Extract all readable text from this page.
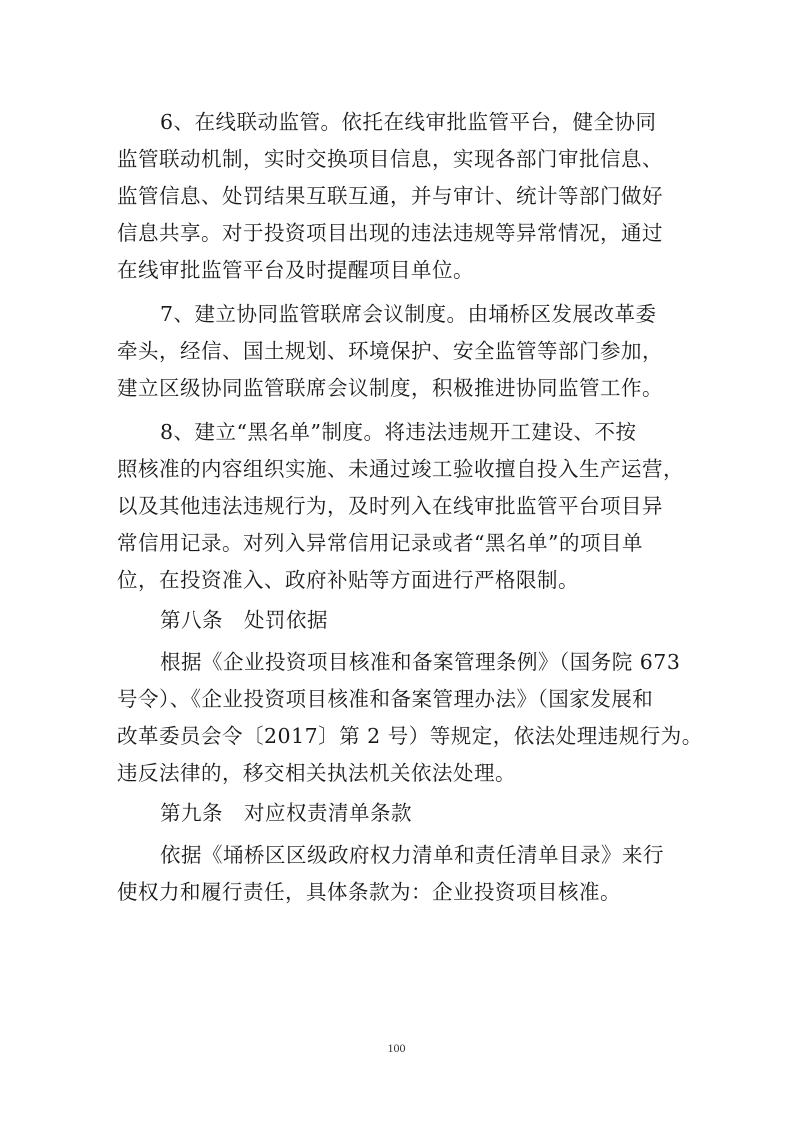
6、在线联动监管。依托在线审批监管平台，健全协同
监管联动机制，实时交换项目信息，实现各部门审批信息、
监管信息、处罚结果互联互通，并与审计、统计等部门做好
信息共享。对于投资项目出现的违法违规等异常情况，通过
在线审批监管平台及时提醒项目单位。
7、建立协同监管联席会议制度。由埇桥区发展改革委
牵头，经信、国土规划、环境保护、安全监管等部门参加，
建立区级协同监管联席会议制度，积极推进协同监管工作。
8、建立“黑名单”制度。将违法违规开工建设、不按
照核准的内容组织实施、未通过竣工验收擅自投入生产运营，
以及其他违法违规行为，及时列入在线审批监管平台项目异
常信用记录。对列入异常信用记录或者“黑名单”的项目单
位，在投资准入、政府补贴等方面进行严格限制。
第八条　处罚依据
根据《企业投资项目核准和备案管理条例》（国务院 673
号令）、《企业投资项目核准和备案管理办法》（国家发展和
改革委员会令〔2017〕第 2 号）等规定，依法处理违规行为。
违反法律的，移交相关执法机关依法处理。
第九条　对应权责清单条款
依据《埇桥区区级政府权力清单和责任清单目录》来行
使权力和履行责任，具体条款为：企业投资项目核准。
100
